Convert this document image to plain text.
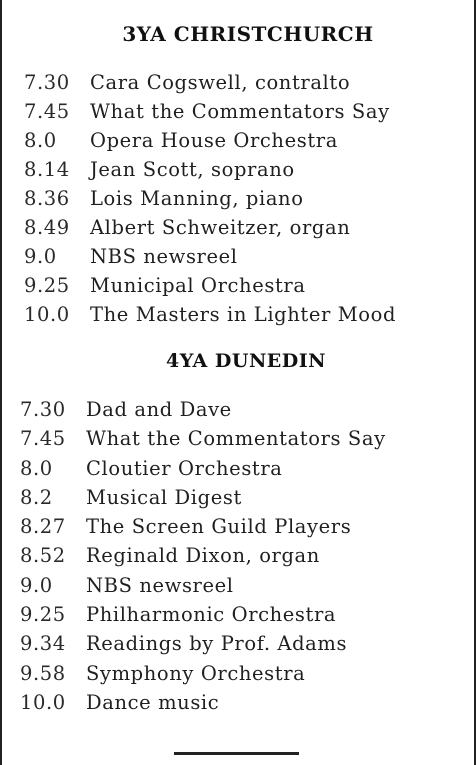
3YA CHRISTCHURCH
7.30	Cara Cogswell, contralto
7.45	What the Commentators Say
8.0	Opera House Orchestra
8.14	Jean Scott, soprano
8.36	Lois Manning, piano
8.49	Albert Schweitzer, organ
9.0	NBS newsreel
9.25	Municipal Orchestra
10.0	The Masters in Lighter Mood
4YA DUNEDIN
7.30	Dad and Dave
7.45	What the Commentators Say
8.0	Cloutier Orchestra
8.2	Musical Digest
8.27	The Screen Guild Players
8.52	Reginald Dixon, organ
9.0	NBS newsreel
9.25	Philharmonic Orchestra
9.34	Readings by Prof. Adams
9.58	Symphony Orchestra
10.0	Dance music
